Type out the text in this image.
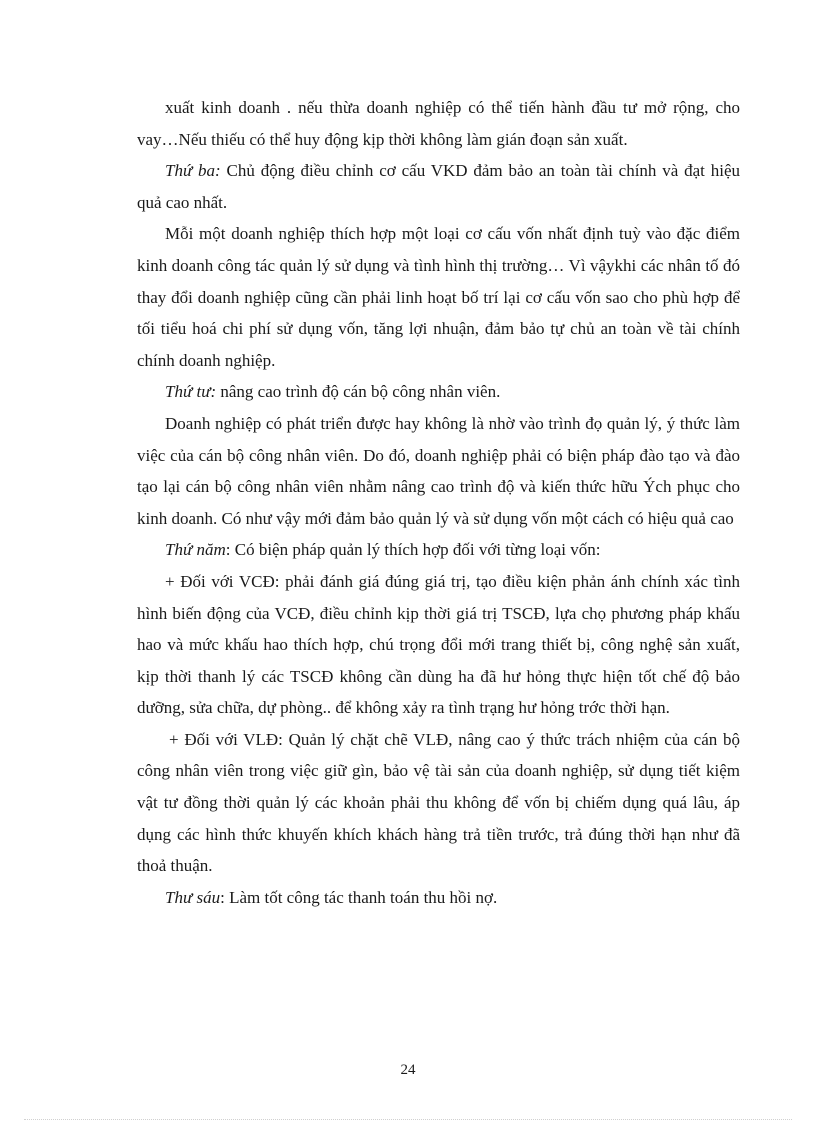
xuất kinh doanh . nếu thừa doanh nghiệp có thể tiến hành đầu tư mở rộng, cho vay…Nếu thiếu có thể huy động kịp thời không làm gián đoạn sản xuất.

Thứ ba: Chủ động điều chỉnh cơ cấu VKD đảm bảo an toàn tài chính và đạt hiệu quả cao nhất.

Mỗi một doanh nghiệp thích hợp một loại cơ cấu vốn nhất định tuỳ vào đặc điểm kinh doanh công tác quản lý sử dụng và tình hình thị trường… Vì vậykhi các nhân tố đó thay đổi doanh nghiệp cũng cần phải linh hoạt bố trí lại cơ cấu vốn sao cho phù hợp để tối tiểu hoá chi phí sử dụng vốn, tăng lợi nhuận, đảm bảo tự chủ an toàn về tài chính chính doanh nghiệp.

Thứ tư: nâng cao trình độ cán bộ công nhân viên.

Doanh nghiệp có phát triển được hay không là nhờ vào trình đọ quản lý, ý thức làm việc của cán bộ công nhân viên. Do đó, doanh nghiệp phải có biện pháp đào tạo và đào tạo lại cán bộ công nhân viên nhằm nâng cao trình độ và kiến thức hữu Ých phục cho kinh doanh. Có như vậy mới đảm bảo quản lý và sử dụng vốn một cách có hiệu quả cao

Thứ năm: Có biện pháp quản lý thích hợp đối với từng loại vốn:

+ Đối với VCĐ: phải đánh giá đúng giá trị, tạo điều kiện phản ánh chính xác tình hình biến động của VCĐ, điều chỉnh kịp thời giá trị TSCĐ, lựa chọ phương pháp khấu hao và mức khấu hao thích hợp, chú trọng đổi mới trang thiết bị, công nghệ sản xuất, kịp thời thanh lý các TSCĐ không cần dùng ha đã hư hỏng thực hiện tốt chế độ bảo dưỡng, sửa chữa, dự phòng.. để không xảy ra tình trạng hư hỏng trớc thời hạn.

+ Đối với VLĐ: Quản lý chặt chẽ VLĐ, nâng cao ý thức trách nhiệm của cán bộ công nhân viên trong việc giữ gìn, bảo vệ tài sản của doanh nghiệp, sử dụng tiết kiệm vật tư đồng thời quản lý các khoản phải thu không để vốn bị chiếm dụng quá lâu, áp dụng các hình thức khuyến khích khách hàng trả tiền trước, trả đúng thời hạn như đã thoả thuận.

Thư sáu: Làm tốt công tác thanh toán thu hồi nợ.

24
